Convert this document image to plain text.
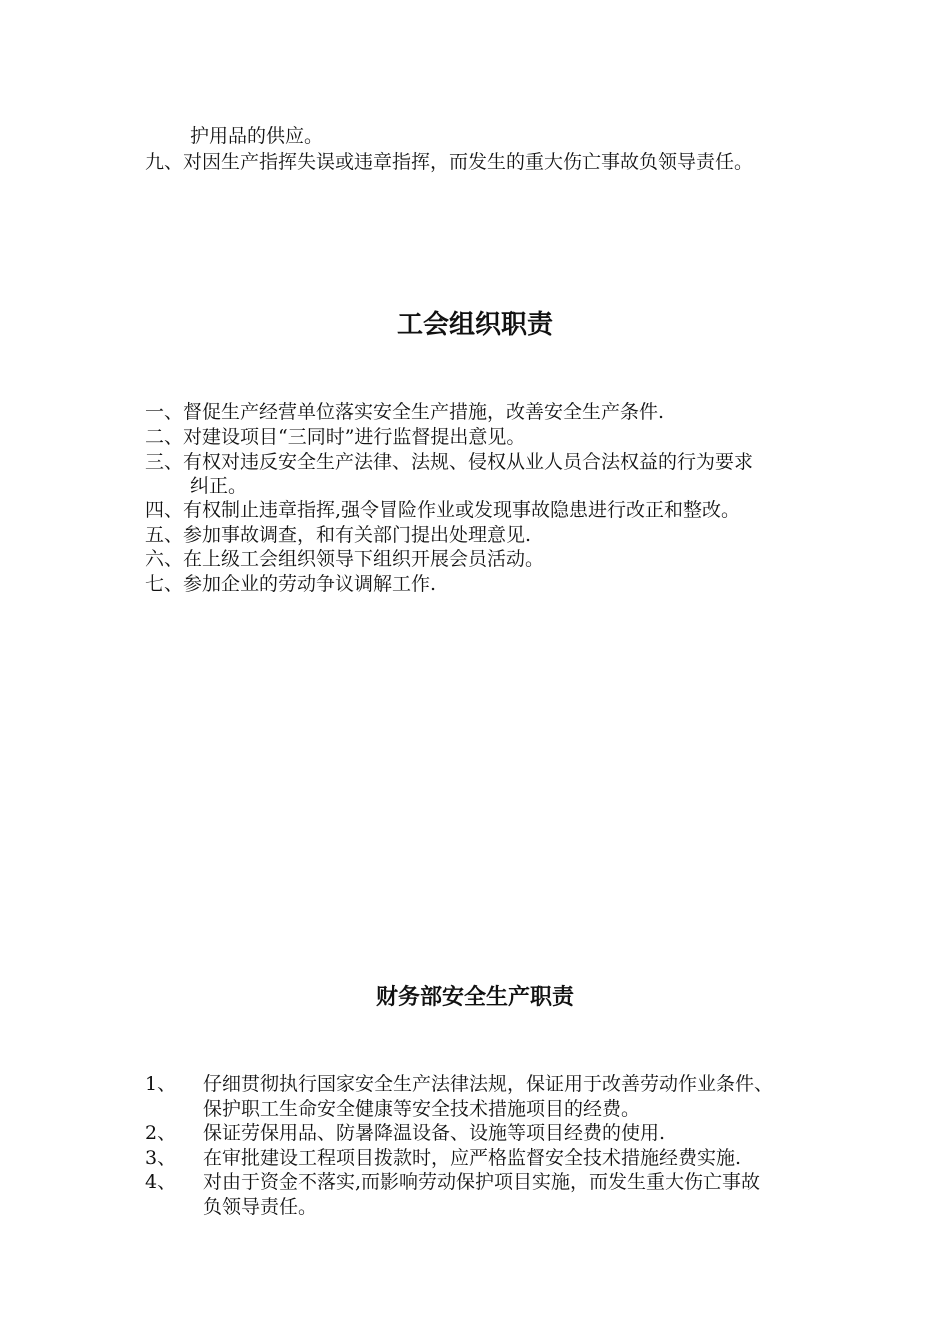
护用品的供应。
九、对因生产指挥失误或违章指挥，而发生的重大伤亡事故负领导责任。
工会组织职责
一、督促生产经营单位落实安全生产措施，改善安全生产条件.
二、对建设项目“三同时”进行监督提出意见。
三、有权对违反安全生产法律、法规、侵权从业人员合法权益的行为要求
纠正。
四、有权制止违章指挥,强令冒险作业或发现事故隐患进行改正和整改。
五、参加事故调查，和有关部门提出处理意见.
六、在上级工会组织领导下组织开展会员活动。
七、参加企业的劳动争议调解工作.
财务部安全生产职责
1、 仔细贯彻执行国家安全生产法律法规，保证用于改善劳动作业条件、
保护职工生命安全健康等安全技术措施项目的经费。
2、 保证劳保用品、防暑降温设备、设施等项目经费的使用.
3、 在审批建设工程项目拨款时，应严格监督安全技术措施经费实施.
4、 对由于资金不落实,而影响劳动保护项目实施，而发生重大伤亡事故
负领导责任。
